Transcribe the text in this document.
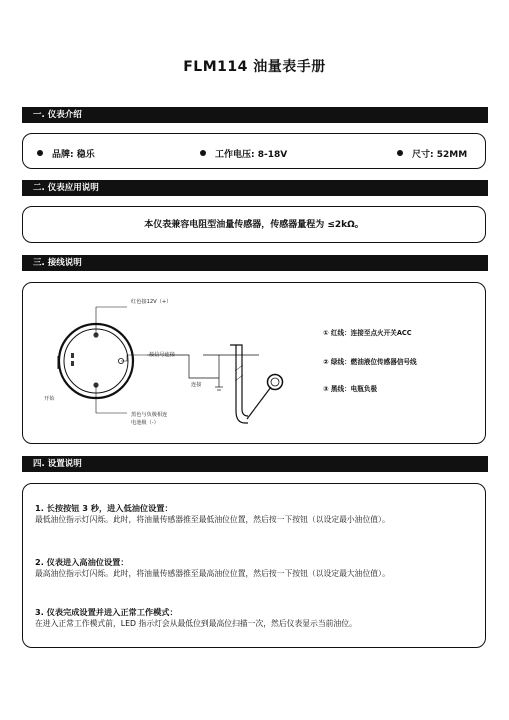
FLM114 油量表手册
一. 仪表介绍
品牌: 稳乐	工作电压: 8-18V	尺寸: 52MM
二. 仪表应用说明
本仪表兼容电阻型油量传感器，传感器量程为 ≤2kΩ。
三. 接线说明
红色接12V（+）
接信号连接
黑色与负极相连
电池极（-）
开始
连接
① 红线：连接至点火开关ACC
② 绿线：燃油液位传感器信号线
③ 黑线：电瓶负极
四. 设置说明
1. 长按按钮 3 秒，进入低油位设置：
最低油位指示灯闪烁。此时，将油量传感器推至最低油位位置，然后按一下按钮（以设定最小油位值）。
2. 仪表进入高油位设置：
最高油位指示灯闪烁。此时，将油量传感器推至最高油位位置，然后按一下按钮（以设定最大油位值）。
3. 仪表完成设置并进入正常工作模式：
在进入正常工作模式前，LED 指示灯会从最低位到最高位扫描一次，然后仪表显示当前油位。
